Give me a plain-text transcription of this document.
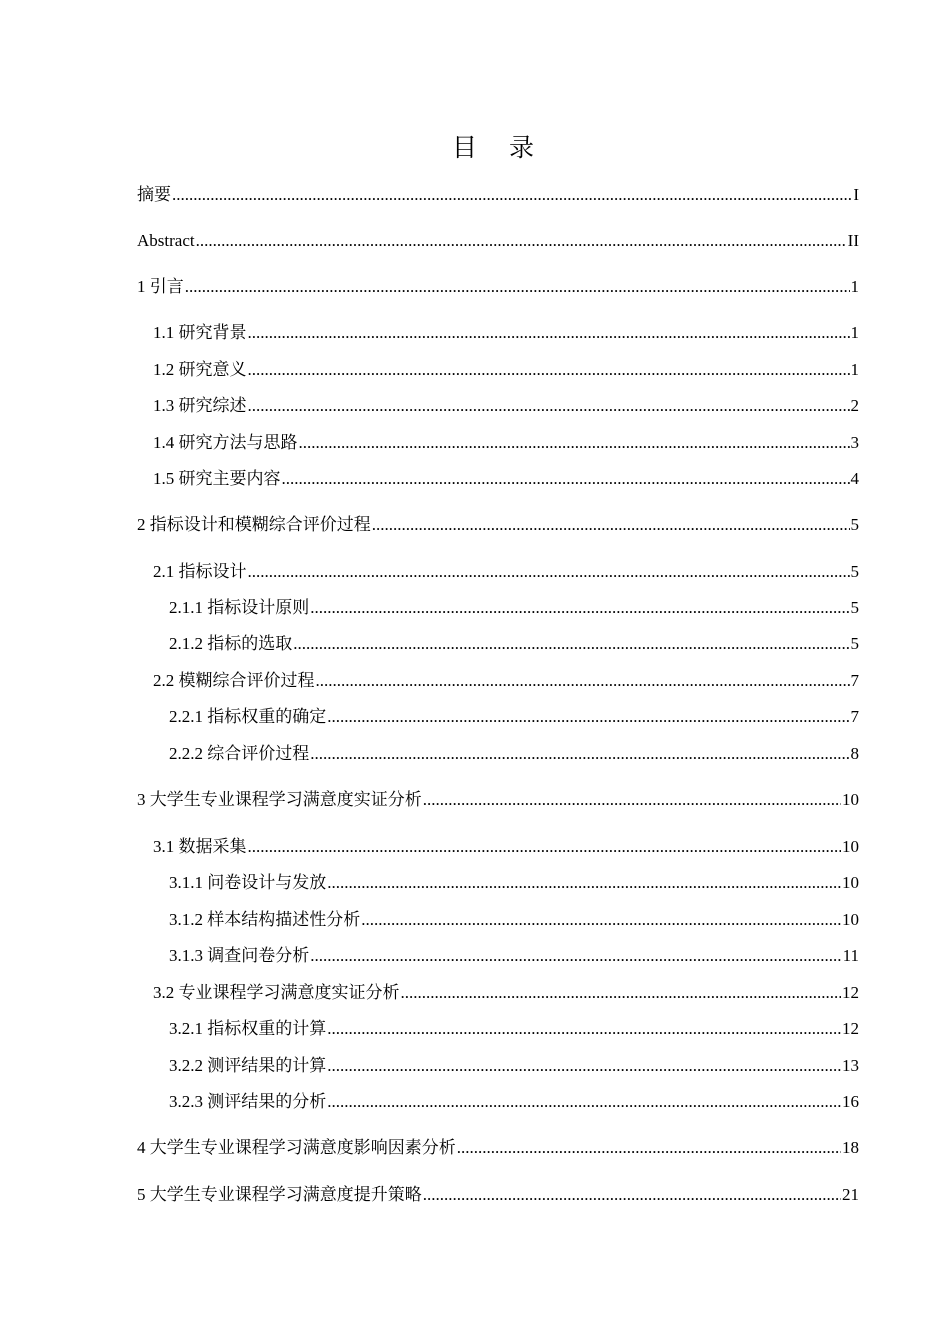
目 录
摘要 .....	I
Abstract .....	II
1 引言 .....	1
1.1 研究背景 .....	1
1.2 研究意义 .....	1
1.3 研究综述 .....	2
1.4 研究方法与思路 .....	3
1.5 研究主要内容 .....	4
2 指标设计和模糊综合评价过程 .....	5
2.1 指标设计 .....	5
2.1.1 指标设计原则 .....	5
2.1.2 指标的选取 .....	5
2.2 模糊综合评价过程 .....	7
2.2.1 指标权重的确定 .....	7
2.2.2 综合评价过程 .....	8
3 大学生专业课程学习满意度实证分析 .....	10
3.1 数据采集 .....	10
3.1.1 问卷设计与发放 .....	10
3.1.2 样本结构描述性分析 .....	10
3.1.3 调查问卷分析 .....	11
3.2 专业课程学习满意度实证分析 .....	12
3.2.1 指标权重的计算 .....	12
3.2.2 测评结果的计算 .....	13
3.2.3 测评结果的分析 .....	16
4 大学生专业课程学习满意度影响因素分析 .....	18
5 大学生专业课程学习满意度提升策略 .....	21
